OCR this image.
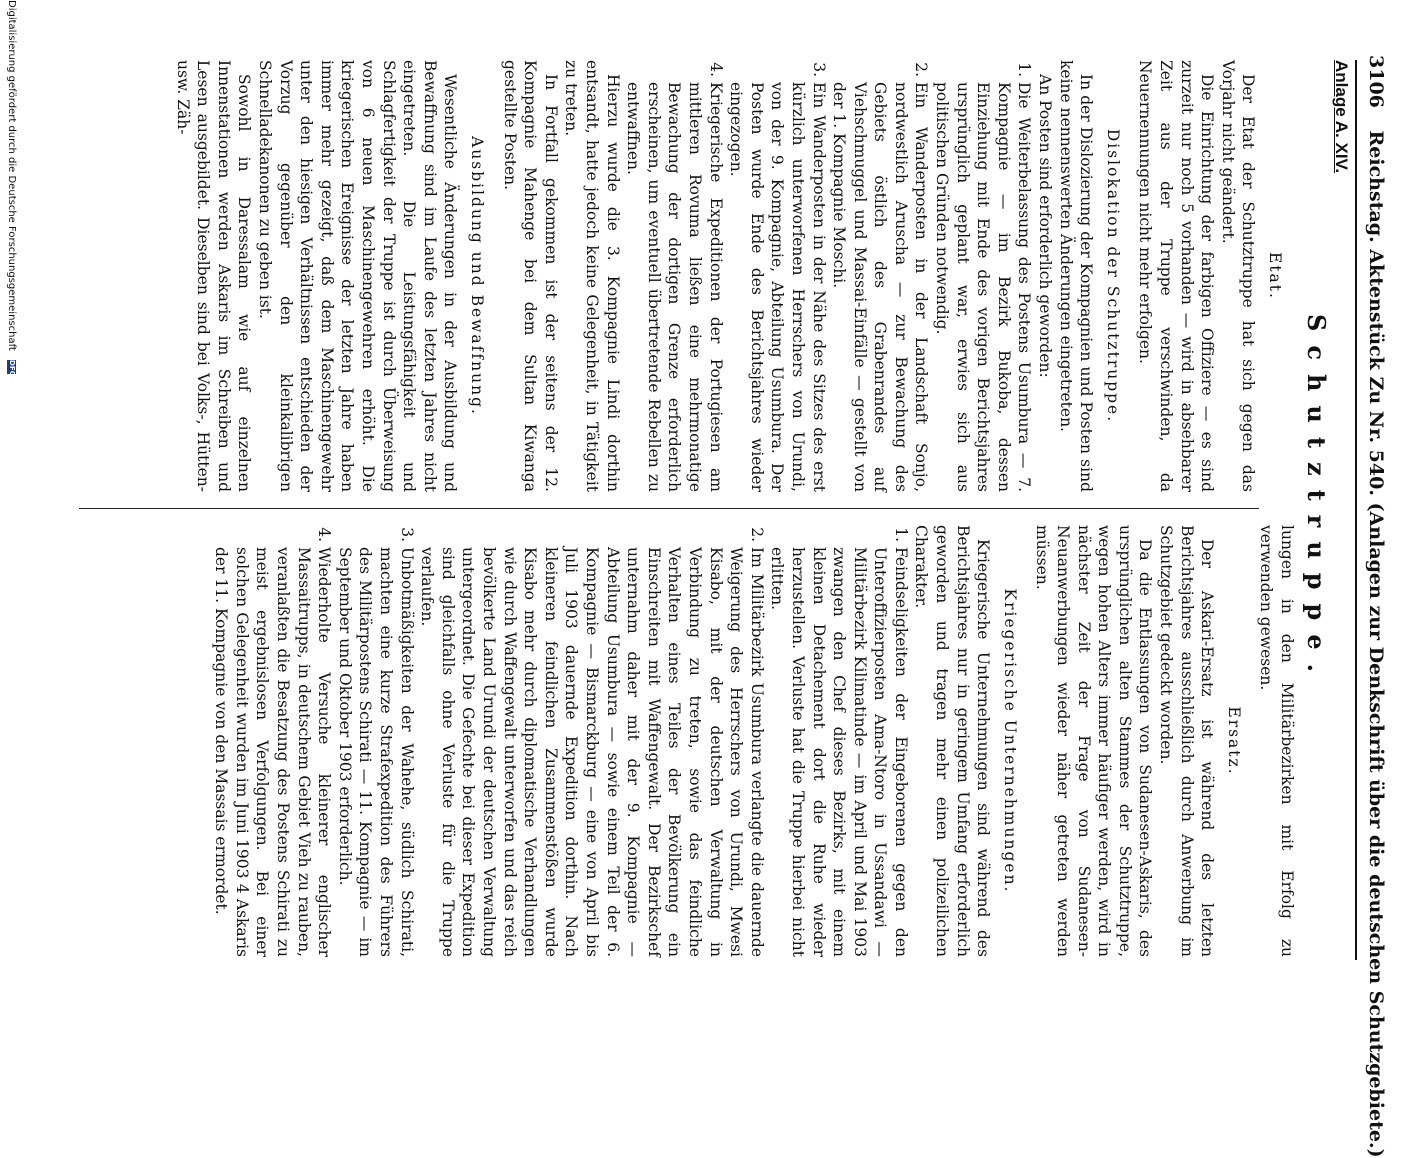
3106 Reichstag. Aktenstück Zu Nr. 540. (Anlagen zur Denkschrift über die deutschen Schutzgebiete.)
Anlage A. XIV.
Schutztruppe.
Etat.

Der Etat der Schutztruppe hat sich gegen das Vorjahr nicht geändert.

Die Einrichtung der farbigen Offiziere — es sind zurzeit nur noch 5 vorhanden — wird in absehbarer Zeit aus der Truppe verschwinden, da Neuernennungen nicht mehr erfolgen.

Dislokation der Schutztruppe.

In der Dislozierung der Kompagnien und Posten sind keine nennenswerten Änderungen eingetreten.

An Posten sind erforderlich geworden:

1. Die Weiterbelassung des Postens Usumbura — 7. Kompagnie — im Bezirk Bukoba, dessen Einziehung mit Ende des vorigen Berichtsjahres ursprünglich geplant war, erwies sich aus politischen Gründen notwendig.
2. Ein Wanderposten in der Landschaft Sonjo, nordwestlich Aruscha — zur Bewachung des Gebiets östlich des Grabenrandes auf Viehschmuggel und Massai-Einfälle — gestellt von der 1. Kompagnie Moschi.
3. Ein Wanderposten in der Nähe des Sitzes des erst kürzlich unterworfenen Herrschers von Urundi, von der 9. Kompagnie, Abteilung Usumbura. Der Posten wurde Ende des Berichtsjahres wieder eingezogen.
4. Kriegerische Expeditionen der Portugiesen am mittleren Rovuma ließen eine mehrmonatige Bewachung der dortigen Grenze erforderlich erscheinen, um eventuell übertretende Rebellen zu entwaffnen.

Hierzu wurde die 3. Kompagnie Lindi dorthin entsandt, hatte jedoch keine Gelegenheit, in Tätigkeit zu treten.

In Fortfall gekommen ist der seitens der 12. Kompagnie Mahenge bei dem Sultan Kiwanga gestellte Posten.

Ausbildung und Bewaffnung.

Wesentliche Änderungen in der Ausbildung und Bewaffnung sind im Laufe des letzten Jahres nicht eingetreten. Die Leistungsfähigkeit und Schlagfertigkeit der Truppe ist durch Überweisung von 6 neuen Maschinengewehren erhöht. Die kriegerischen Ereignisse der letzten Jahre haben immer mehr gezeigt, daß dem Maschinengewehr unter den hiesigen Verhältnissen entschieden der Vorzug gegenüber den kleinkalibrigen Schnelladekanonen zu geben ist.

Sowohl in Daressalam wie auf einzelnen Innenstationen werden Askaris im Schreiben und Lesen ausgebildet. Dieselben sind bei Volks-, Hütten- usw. Zäh-

lungen in den Militärbezirken mit Erfolg zu verwenden gewesen.

Ersatz.

Der Askari-Ersatz ist während des letzten Berichtsjahres ausschließlich durch Anwerbung im Schutzgebiet gedeckt worden.

Da die Entlassungen von Sudanesen-Askaris, des ursprünglichen alten Stammes der Schutztruppe, wegen hohen Alters immer häufiger werden, wird in nächster Zeit der Frage von Sudanesen-Neuanwerbungen wieder näher getreten werden müssen.

Kriegerische Unternehmungen.

Kriegerische Unternehmungen sind während des Berichtsjahres nur in geringem Umfang erforderlich geworden und tragen mehr einen polizeilichen Charakter.

1. Feindseligkeiten der Eingeborenen gegen den Unteroffizierposten Ama-Ntoro in Ussandawi — Militärbezirk Kilimatinde — im April und Mai 1903 zwangen den Chef dieses Bezirks, mit einem kleinen Detachement dort die Ruhe wieder herzustellen. Verluste hat die Truppe hierbei nicht erlitten.
2. Im Militärbezirk Usumbura verlangte die dauernde Weigerung des Herrschers von Urundi, Mwesi Kisabo, mit der deutschen Verwaltung in Verbindung zu treten, sowie das feindliche Verhalten eines Teiles der Bevölkerung ein Einschreiten mit Waffengewalt. Der Bezirkschef unternahm daher mit der 9. Kompagnie — Abteilung Usumbura — sowie einem Teil der 6. Kompagnie — Bismarckburg — eine von April bis Juli 1903 dauernde Expedition dorthin. Nach kleineren feindlichen Zusammenstößen wurde Kisabo mehr durch diplomatische Verhandlungen wie durch Waffengewalt unterworfen und das reich bevölkerte Land Urundi der deutschen Verwaltung untergeordnet. Die Gefechte bei dieser Expedition sind gleichfalls ohne Verluste für die Truppe verlaufen.
3. Unbotmäßigkeiten der Wahehe, südlich Schirati, machten eine kurze Strafexpedition des Führers des Militärpostens Schirati — 11. Kompagnie — im September und Oktober 1903 erforderlich.
4. Wiederholte Versuche kleinerer englischer Massaitrupps, in deutschem Gebiet Vieh zu rauben, veranlaßten die Besatzung des Postens Schirati zu meist ergebnislosen Verfolgungen. Bei einer solchen Gelegenheit wurden im Juni 1903 4 Askaris der 11. Kompagnie von den Massais ermordet.
Digitalisierung gefördert durch die Deutsche Forschungsgemeinschaft DFG
